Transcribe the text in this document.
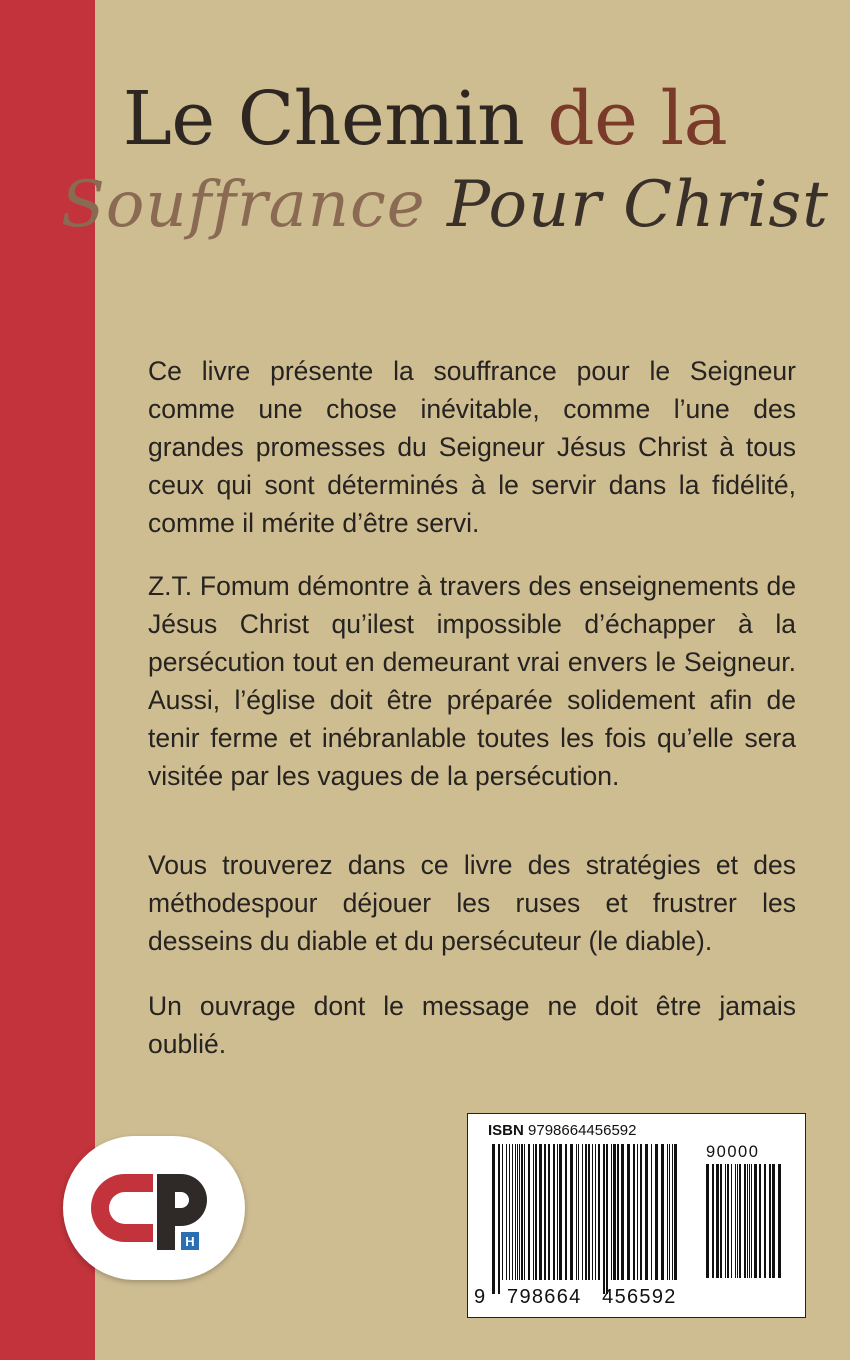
Le Chemin de la
Souffrance Pour Christ
Ce livre présente la souffrance pour le Seigneur comme une chose inévitable, comme l’une des grandes promesses du Seigneur Jésus Christ à tous ceux qui sont déterminés à le servir dans la fidélité, comme il mérite d’être servi.
Z.T. Fomum démontre à travers des enseignements de Jésus Christ qu’ilest impossible d’échapper à la persécution tout en demeurant vrai envers le Seigneur. Aussi, l’église doit être préparée solidement afin de tenir ferme et inébranlable toutes les fois qu’elle sera visitée par les vagues de la persécution.
Vous trouverez dans ce livre des stratégies et des méthodespour déjouer les ruses et frustrer les desseins du diable et du persécuteur (le diable).
Un ouvrage dont le message ne doit être jamais oublié.
H
ISBN 9798664456592
90000
9 798664 456592
